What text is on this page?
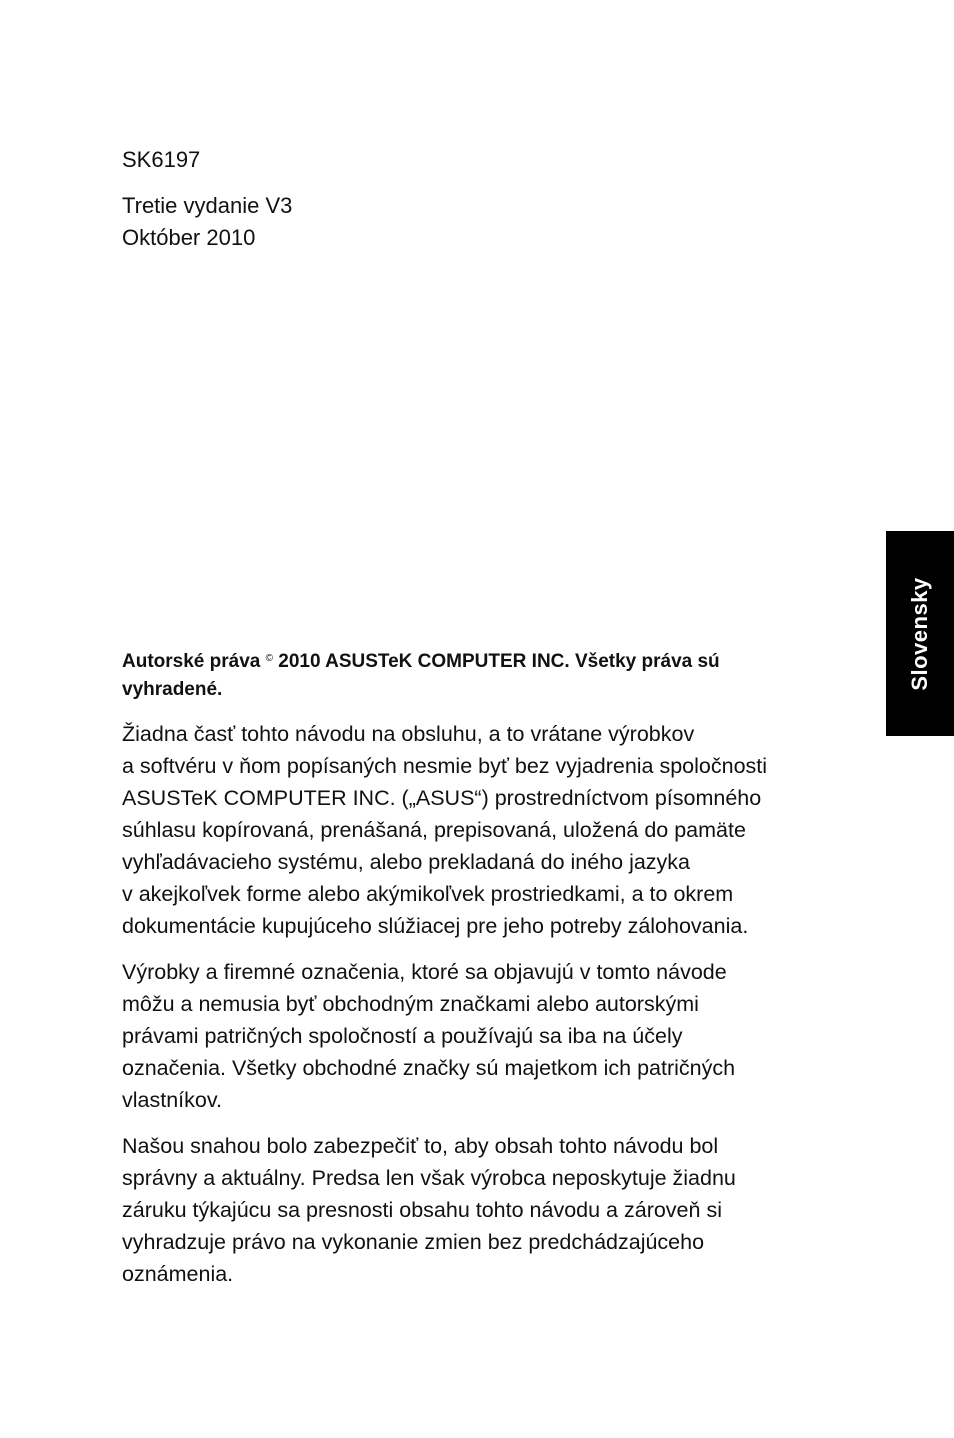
SK6197

Tretie vydanie V3
Október 2010

Slovensky

Autorské práva © 2010 ASUSTeK COMPUTER INC. Všetky práva sú
vyhradené.

Žiadna časť tohto návodu na obsluhu, a to vrátane výrobkov
a softvéru v ňom popísaných nesmie byť bez vyjadrenia spoločnosti
ASUSTeK COMPUTER INC. („ASUS“) prostredníctvom písomného
súhlasu kopírovaná, prenášaná, prepisovaná, uložená do pamäte
vyhľadávacieho systému, alebo prekladaná do iného jazyka
v akejkoľvek forme alebo akýmikoľvek prostriedkami, a to okrem
dokumentácie kupujúceho slúžiacej pre jeho potreby zálohovania.

Výrobky a firemné označenia, ktoré sa objavujú v tomto návode
môžu a nemusia byť obchodným značkami alebo autorskými
právami patričných spoločností a používajú sa iba na účely
označenia. Všetky obchodné značky sú majetkom ich patričných
vlastníkov.

Našou snahou bolo zabezpečiť to, aby obsah tohto návodu bol
správny a aktuálny. Predsa len však výrobca neposkytuje žiadnu
záruku týkajúcu sa presnosti obsahu tohto návodu a zároveň si
vyhradzuje právo na vykonanie zmien bez predchádzajúceho
oznámenia.
